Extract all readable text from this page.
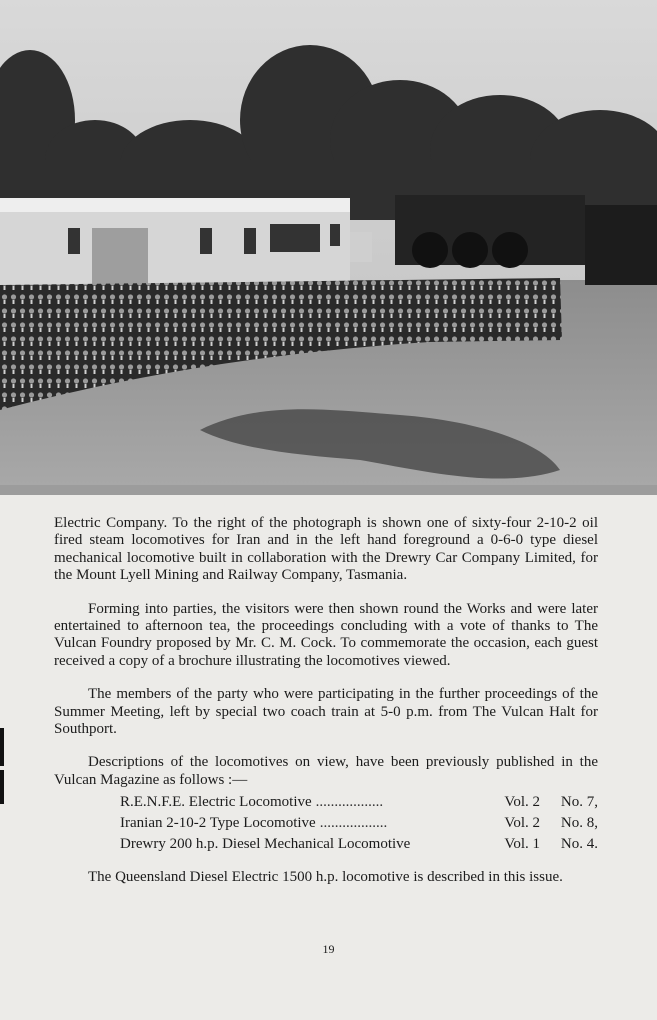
Electric Company. To the right of the photograph is shown one of sixty-four 2-10-2 oil fired steam locomotives for Iran and in the left hand foreground a 0-6-0 type diesel mechanical locomotive built in collaboration with the Drewry Car Company Limited, for the Mount Lyell Mining and Railway Company, Tasmania.

Forming into parties, the visitors were then shown round the Works and were later entertained to afternoon tea, the proceedings concluding with a vote of thanks to The Vulcan Foundry proposed by Mr. C. M. Cock. To commemorate the occasion, each guest received a copy of a brochure illustrating the locomotives viewed.

The members of the party who were participating in the further proceedings of the Summer Meeting, left by special two coach train at 5-0 p.m. from The Vulcan Halt for Southport.

Descriptions of the locomotives on view, have been previously published in the Vulcan Magazine as follows :—

R.E.N.F.E. Electric Locomotive ..................	Vol. 2	No. 7,
Iranian 2-10-2 Type Locomotive ..................	Vol. 2	No. 8,
Drewry 200 h.p. Diesel Mechanical Locomotive	Vol. 1	No. 4.

The Queensland Diesel Electric 1500 h.p. locomotive is described in this issue.

19
